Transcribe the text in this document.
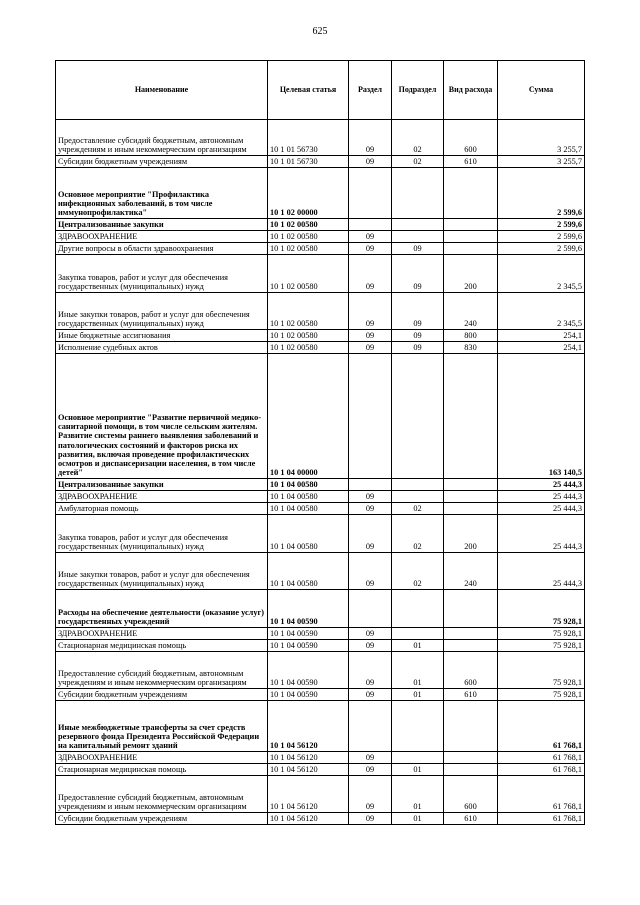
625
Наименование	Целевая статья	Раздел	Подраздел	Вид расхода	Сумма
Предоставление субсидий бюджетным, автономным учреждениям и иным некоммерческим организациям	10 1 01 56730	09	02	600	3 255,7
Субсидии бюджетным учреждениям	10 1 01 56730	09	02	610	3 255,7
Основное мероприятие "Профилактика инфекционных заболеваний, в том числе иммунопрофилактика"	10 1 02 00000				2 599,6
Централизованные закупки	10 1 02 00580				2 599,6
ЗДРАВООХРАНЕНИЕ	10 1 02 00580	09			2 599,6
Другие вопросы в области здравоохранения	10 1 02 00580	09	09		2 599,6
Закупка товаров, работ и услуг для обеспечения государственных (муниципальных) нужд	10 1 02 00580	09	09	200	2 345,5
Иные закупки товаров, работ и услуг для обеспечения государственных (муниципальных) нужд	10 1 02 00580	09	09	240	2 345,5
Иные бюджетные ассигнования	10 1 02 00580	09	09	800	254,1
Исполнение судебных актов	10 1 02 00580	09	09	830	254,1
Основное мероприятие "Развитие первичной медико-санитарной помощи, в том числе сельским жителям. Развитие системы раннего выявления заболеваний и патологических состояний и факторов риска их развития, включая проведение профилактических осмотров и диспансеризации населения, в том числе детей"	10 1 04 00000				163 140,5
Централизованные закупки	10 1 04 00580				25 444,3
ЗДРАВООХРАНЕНИЕ	10 1 04 00580	09			25 444,3
Амбулаторная помощь	10 1 04 00580	09	02		25 444,3
Закупка товаров, работ и услуг для обеспечения государственных (муниципальных) нужд	10 1 04 00580	09	02	200	25 444,3
Иные закупки товаров, работ и услуг для обеспечения государственных (муниципальных) нужд	10 1 04 00580	09	02	240	25 444,3
Расходы на обеспечение деятельности (оказание услуг) государственных учреждений	10 1 04 00590				75 928,1
ЗДРАВООХРАНЕНИЕ	10 1 04 00590	09			75 928,1
Стационарная медицинская помощь	10 1 04 00590	09	01		75 928,1
Предоставление субсидий бюджетным, автономным учреждениям и иным некоммерческим организациям	10 1 04 00590	09	01	600	75 928,1
Субсидии бюджетным учреждениям	10 1 04 00590	09	01	610	75 928,1
Иные межбюджетные трансферты за счет средств резервного фонда Президента Российской Федерации на капитальный ремонт зданий	10 1 04 56120				61 768,1
ЗДРАВООХРАНЕНИЕ	10 1 04 56120	09			61 768,1
Стационарная медицинская помощь	10 1 04 56120	09	01		61 768,1
Предоставление субсидий бюджетным, автономным учреждениям и иным некоммерческим организациям	10 1 04 56120	09	01	600	61 768,1
Субсидии бюджетным учреждениям	10 1 04 56120	09	01	610	61 768,1
